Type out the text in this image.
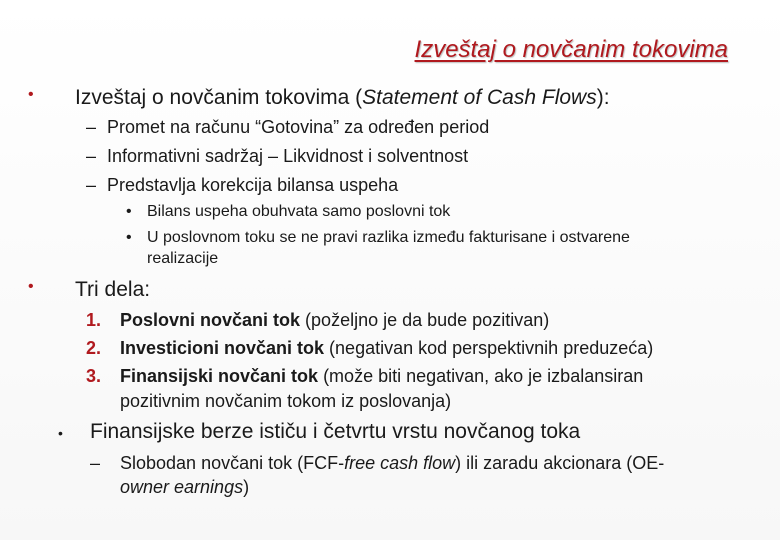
Izveštaj o novčanim tokovima
• Izveštaj o novčanim tokovima (Statement of Cash Flows):
– Promet na računu “Gotovina” za određen period
– Informativni sadržaj – Likvidnost i solventnost
– Predstavlja korekcija bilansa uspeha
• Bilans uspeha obuhvata samo poslovni tok
• U poslovnom toku se ne pravi razlika između fakturisane i ostvarene
realizacije
• Tri dela:
1. Poslovni novčani tok (poželjno je da bude pozitivan)
2. Investicioni novčani tok (negativan kod perspektivnih preduzeća)
3. Finansijski novčani tok (može biti negativan, ako je izbalansiran
pozitivnim novčanim tokom iz poslovanja)
• Finansijske berze ističu i četvrtu vrstu novčanog toka
– Slobodan novčani tok (FCF-free cash flow) ili zaradu akcionara (OE-
owner earnings)
